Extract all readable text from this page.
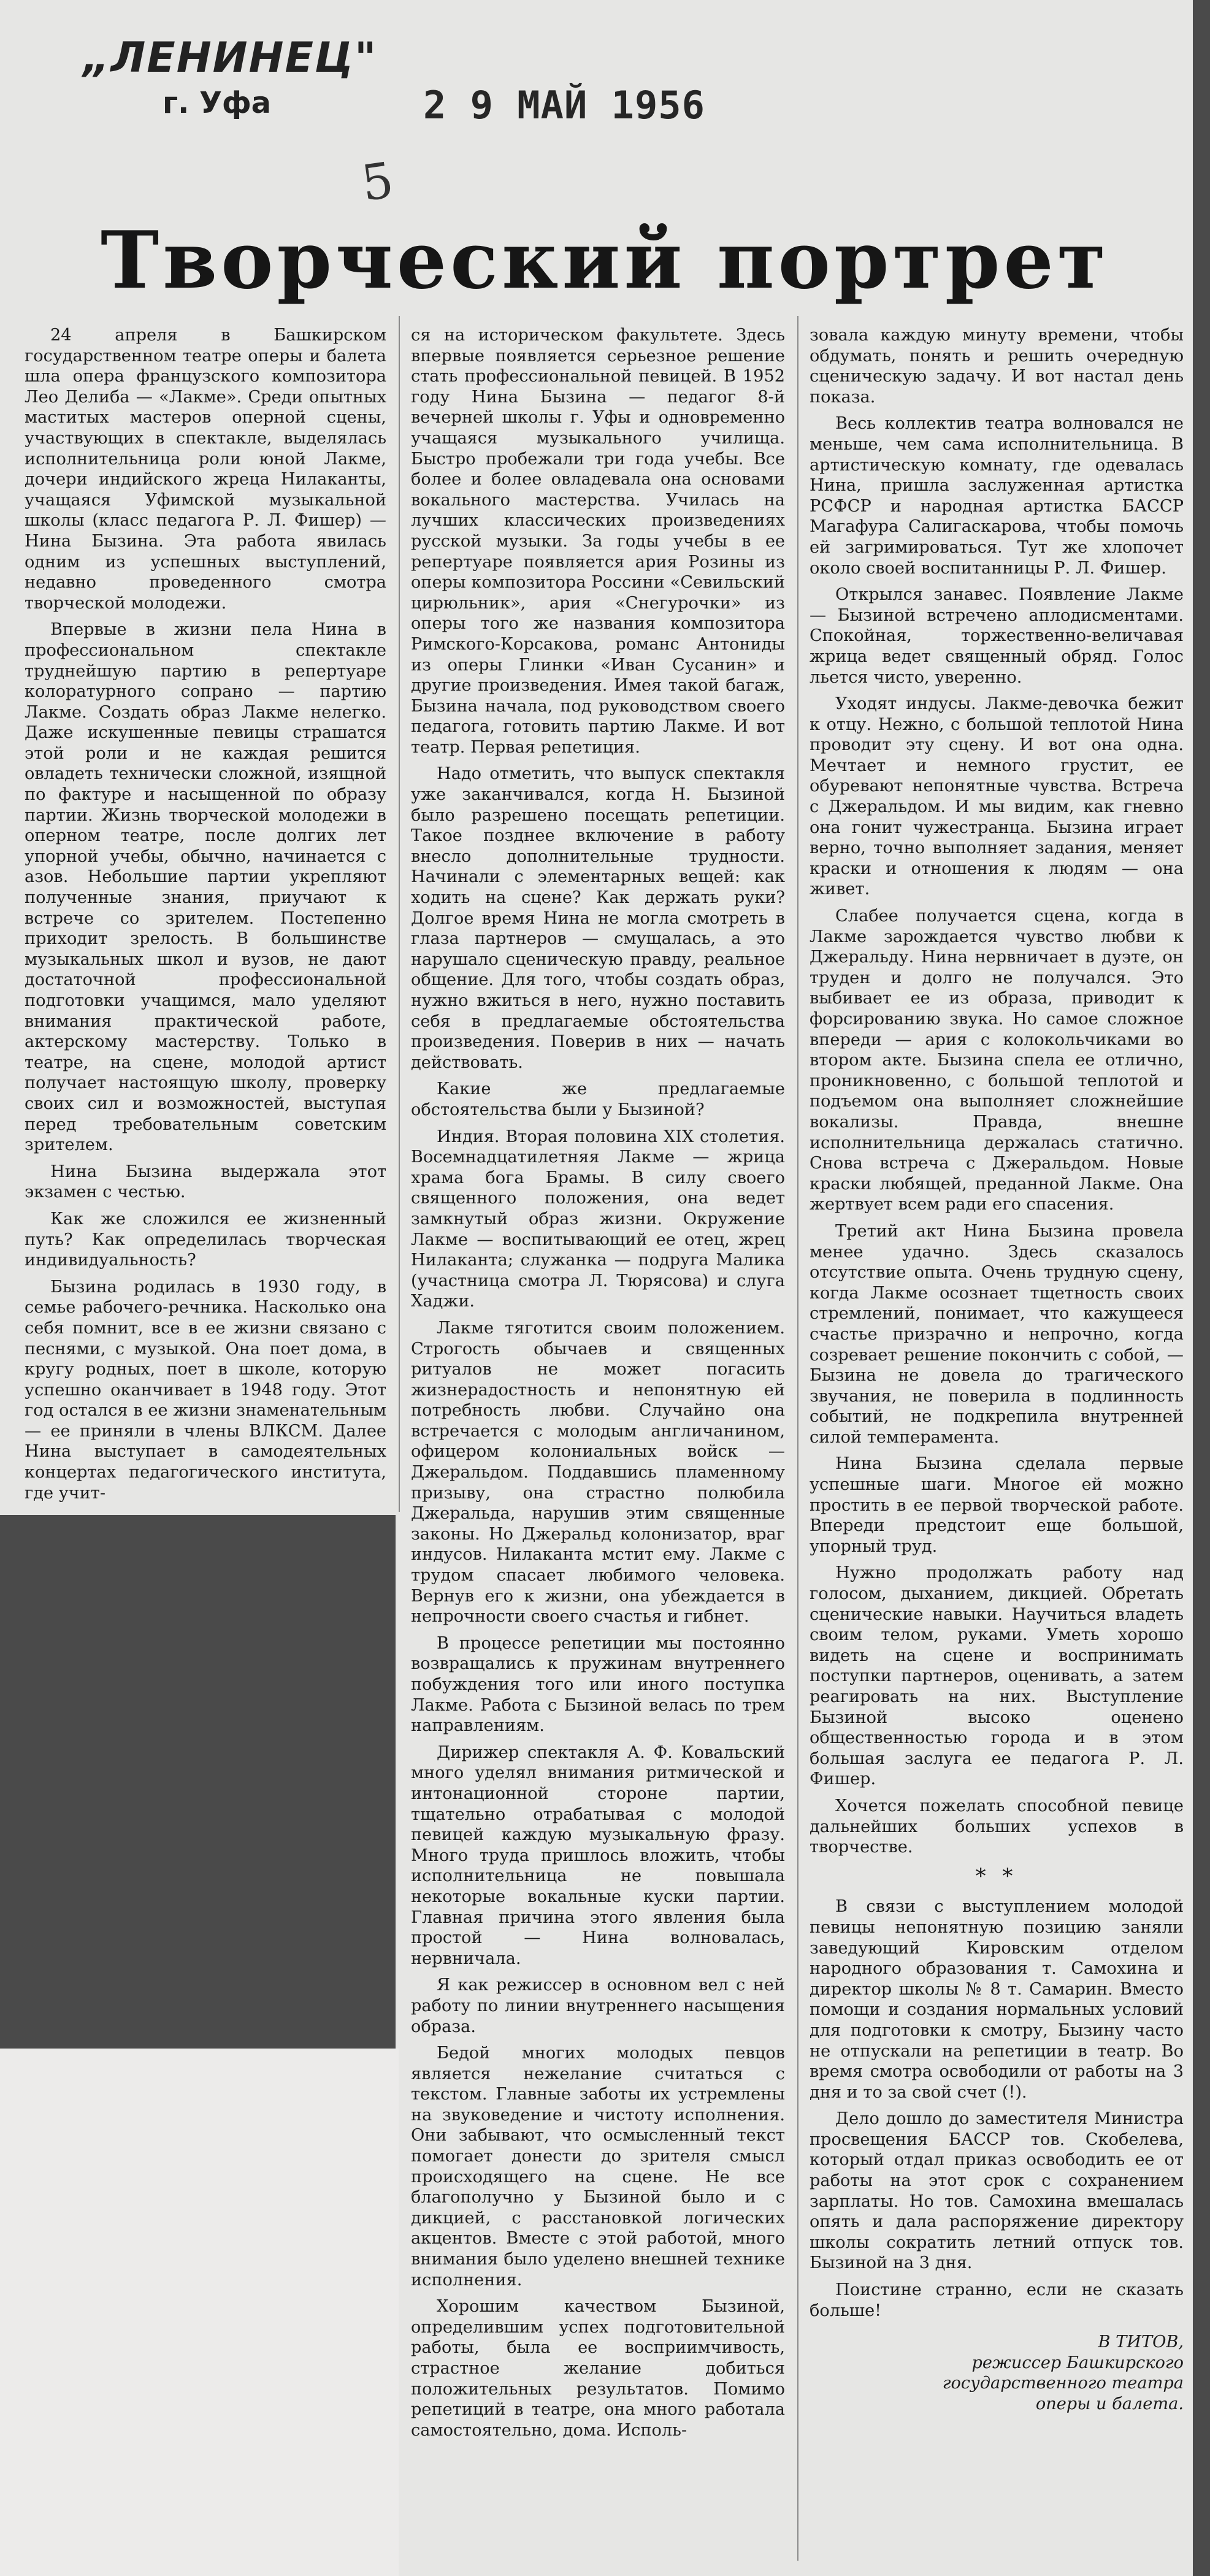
„ЛЕНИНЕЦ"
г. Уфа	2 9 МАЙ 1956
5
Творческий портрет

24 апреля в Башкирском государственном театре оперы и балета шла опера французского композитора Лео Делиба — «Лакме». Среди опытных маститых мастеров оперной сцены, участвующих в спектакле, выделялась исполнительница роли юной Лакме, дочери индийского жреца Нилаканты, учащаяся Уфимской музыкальной школы (класс педагога Р. Л. Фишер) — Нина Бызина. Эта работа явилась одним из успешных выступлений, недавно проведенного смотра творческой молодежи.

Впервые в жизни пела Нина в профессиональном спектакле труднейшую партию в репертуаре колоратурного сопрано — партию Лакме. Создать образ Лакме нелегко. Даже искушенные певицы страшатся этой роли и не каждая решится овладеть технически сложной, изящной по фактуре и насыщенной по образу партии. Жизнь творческой молодежи в оперном театре, после долгих лет упорной учебы, обычно, начинается с азов. Небольшие партии укрепляют полученные знания, приучают к встрече со зрителем. Постепенно приходит зрелость. В большинстве музыкальных школ и вузов, не дают достаточной профессиональной подготовки учащимся, мало уделяют внимания практической работе, актерскому мастерству. Только в театре, на сцене, молодой артист получает настоящую школу, проверку своих сил и возможностей, выступая перед требовательным советским зрителем.

Нина Бызина выдержала этот экзамен с честью.

Как же сложился ее жизненный путь? Как определилась творческая индивидуальность?

Бызина родилась в 1930 году, в семье рабочего-речника. Насколько она себя помнит, все в ее жизни связано с песнями, с музыкой. Она поет дома, в кругу родных, поет в школе, которую успешно оканчивает в 1948 году. Этот год остался в ее жизни знаменательным — ее приняли в члены ВЛКСМ. Далее Нина выступает в самодеятельных концертах педагогического института, где учит-

ся на историческом факультете. Здесь впервые появляется серьезное решение стать профессиональной певицей. В 1952 году Нина Бызина — педагог 8-й вечерней школы г. Уфы и одновременно учащаяся музыкального училища. Быстро пробежали три года учебы. Все более и более овладевала она основами вокального мастерства. Училась на лучших классических произведениях русской музыки. За годы учебы в ее репертуаре появляется ария Розины из оперы композитора Россини «Севильский цирюльник», ария «Снегурочки» из оперы того же названия композитора Римского-Корсакова, романс Антониды из оперы Глинки «Иван Сусанин» и другие произведения. Имея такой багаж, Бызина начала, под руководством своего педагога, готовить партию Лакме. И вот театр. Первая репетиция.

Надо отметить, что выпуск спектакля уже заканчивался, когда Н. Бызиной было разрешено посещать репетиции. Такое позднее включение в работу внесло дополнительные трудности. Начинали с элементарных вещей: как ходить на сцене? Как держать руки? Долгое время Нина не могла смотреть в глаза партнеров — смущалась, а это нарушало сценическую правду, реальное общение. Для того, чтобы создать образ, нужно вжиться в него, нужно поставить себя в предлагаемые обстоятельства произведения. Поверив в них — начать действовать.

Какие же предлагаемые обстоятельства были у Бызиной?

Индия. Вторая половина XIX столетия. Восемнадцатилетняя Лакме — жрица храма бога Брамы. В силу своего священного положения, она ведет замкнутый образ жизни. Окружение Лакме — воспитывающий ее отец, жрец Нилаканта; служанка — подруга Малика (участница смотра Л. Тюрясова) и слуга Хаджи.

Лакме тяготится своим положением. Строгость обычаев и священных ритуалов не может погасить жизнерадостность и непонятную ей потребность любви. Случайно она встречается с молодым англичанином, офицером колониальных войск — Джеральдом. Поддавшись пламенному призыву, она страстно полюбила Джеральда, нарушив этим священные законы. Но Джеральд колонизатор, враг индусов. Нилаканта мстит ему. Лакме с трудом спасает любимого человека. Вернув его к жизни, она убеждается в непрочности своего счастья и гибнет.

В процессе репетиции мы постоянно возвращались к пружинам внутреннего побуждения того или иного поступка Лакме. Работа с Бызиной велась по трем направлениям.

Дирижер спектакля А. Ф. Ковальский много уделял внимания ритмической и интонационной стороне партии, тщательно отрабатывая с молодой певицей каждую музыкальную фразу. Много труда пришлось вложить, чтобы исполнительница не повышала некоторые вокальные куски партии. Главная причина этого явления была простой — Нина волновалась, нервничала.

Я как режиссер в основном вел с ней работу по линии внутреннего насыщения образа.

Бедой многих молодых певцов является нежелание считаться с текстом. Главные заботы их устремлены на звуковедение и чистоту исполнения. Они забывают, что осмысленный текст помогает донести до зрителя смысл происходящего на сцене. Не все благополучно у Бызиной было и с дикцией, с расстановкой логических акцентов. Вместе с этой работой, много внимания было уделено внешней технике исполнения.

Хорошим качеством Бызиной, определившим успех подготовительной работы, была ее восприимчивость, страстное желание добиться положительных результатов. Помимо репетиций в театре, она много работала самостоятельно, дома. Исполь-

зовала каждую минуту времени, чтобы обдумать, понять и решить очередную сценическую задачу. И вот настал день показа.

Весь коллектив театра волновался не меньше, чем сама исполнительница. В артистическую комнату, где одевалась Нина, пришла заслуженная артистка РСФСР и народная артистка БАССР Магафура Салигаскарова, чтобы помочь ей загримироваться. Тут же хлопочет около своей воспитанницы Р. Л. Фишер.

Открылся занавес. Появление Лакме — Бызиной встречено аплодисментами. Спокойная, торжественно-величавая жрица ведет священный обряд. Голос льется чисто, уверенно.

Уходят индусы. Лакме-девочка бежит к отцу. Нежно, с большой теплотой Нина проводит эту сцену. И вот она одна. Мечтает и немного грустит, ее обуревают непонятные чувства. Встреча с Джеральдом. И мы видим, как гневно она гонит чужестранца. Бызина играет верно, точно выполняет задания, меняет краски и отношения к людям — она живет.

Слабее получается сцена, когда в Лакме зарождается чувство любви к Джеральду. Нина нервничает в дуэте, он труден и долго не получался. Это выбивает ее из образа, приводит к форсированию звука. Но самое сложное впереди — ария с колокольчиками во втором акте. Бызина спела ее отлично, проникновенно, с большой теплотой и подъемом она выполняет сложнейшие вокализы. Правда, внешне исполнительница держалась статично. Снова встреча с Джеральдом. Новые краски любящей, преданной Лакме. Она жертвует всем ради его спасения.

Третий акт Нина Бызина провела менее удачно. Здесь сказалось отсутствие опыта. Очень трудную сцену, когда Лакме осознает тщетность своих стремлений, понимает, что кажущееся счастье призрачно и непрочно, когда созревает решение покончить с собой, — Бызина не довела до трагического звучания, не поверила в подлинность событий, не подкрепила внутренней силой темперамента.

Нина Бызина сделала первые успешные шаги. Многое ей можно простить в ее первой творческой работе. Впереди предстоит еще большой, упорный труд.

Нужно продолжать работу над голосом, дыханием, дикцией. Обретать сценические навыки. Научиться владеть своим телом, руками. Уметь хорошо видеть на сцене и воспринимать поступки партнеров, оценивать, а затем реагировать на них. Выступление Бызиной высоко оценено общественностью города и в этом большая заслуга ее педагога Р. Л. Фишер.

Хочется пожелать способной певице дальнейших больших успехов в творчестве.

* *

В связи с выступлением молодой певицы непонятную позицию заняли заведующий Кировским отделом народного образования т. Самохина и директор школы № 8 т. Самарин. Вместо помощи и создания нормальных условий для подготовки к смотру, Бызину часто не отпускали на репетиции в театр. Во время смотра освободили от работы на 3 дня и то за свой счет (!).

Дело дошло до заместителя Министра просвещения БАССР тов. Скобелева, который отдал приказ освободить ее от работы на этот срок с сохранением зарплаты. Но тов. Самохина вмешалась опять и дала распоряжение директору школы сократить летний отпуск тов. Бызиной на 3 дня.

Поистине странно, если не сказать больше!

В ТИТОВ,

режиссер Башкирского государственного театра оперы и балета.
